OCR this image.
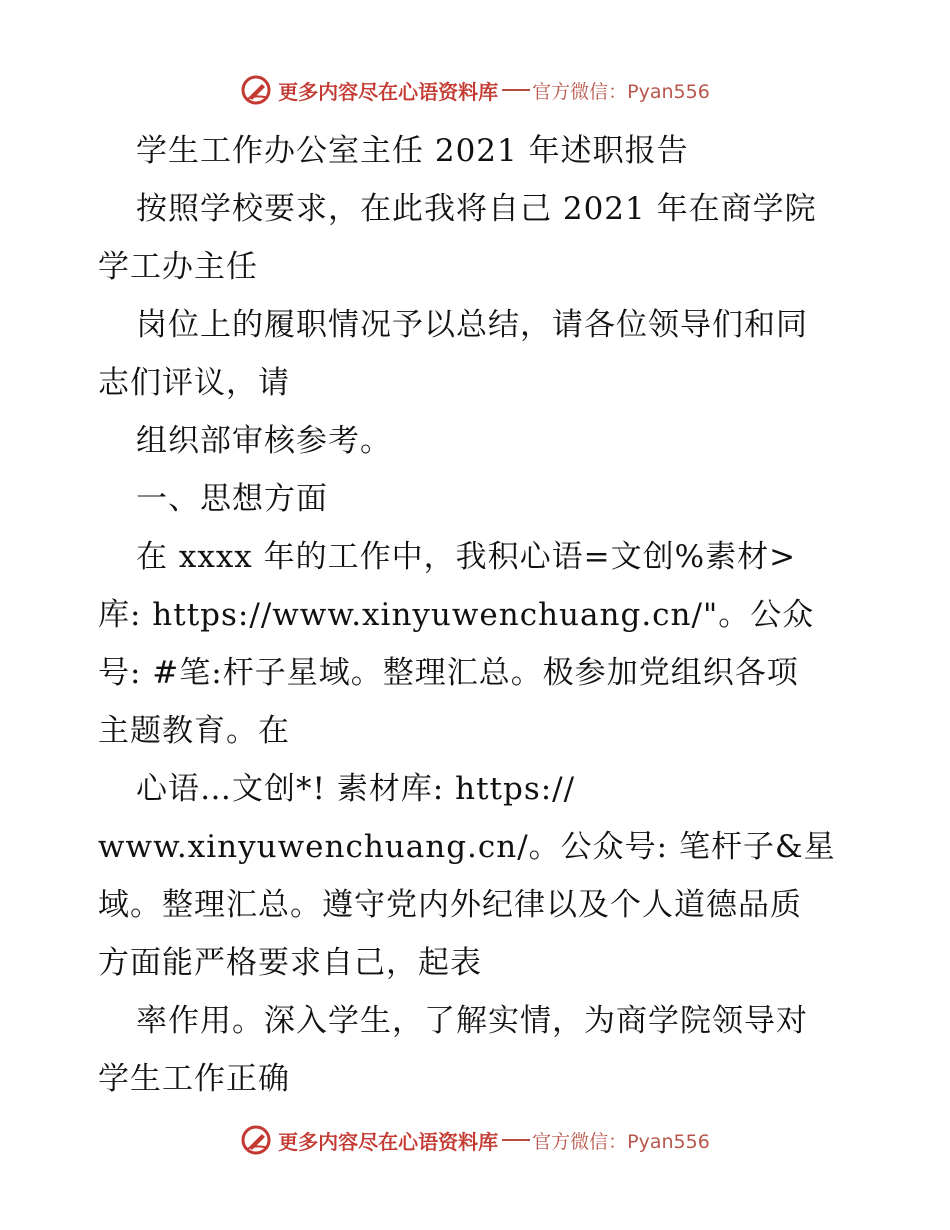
更多内容尽在心语资料库 官方微信：Pyan556
学生工作办公室主任 2021 年述职报告
按照学校要求，在此我将自己 2021 年在商学院
学工办主任
岗位上的履职情况予以总结，请各位领导们和同
志们评议，请
组织部审核参考。
一、思想方面
在 xxxx 年的工作中，我积心语=文创%素材>
库: https://www.xinyuwenchuang.cn/"。公众
号: #笔:杆子星域。整理汇总。极参加党组织各项
主题教育。在
心语…文创*! 素材库: https://
www.xinyuwenchuang.cn/。公众号: 笔杆子&星
域。整理汇总。遵守党内外纪律以及个人道德品质
方面能严格要求自己，起表
率作用。深入学生，了解实情，为商学院领导对
学生工作正确
更多内容尽在心语资料库 官方微信：Pyan556
